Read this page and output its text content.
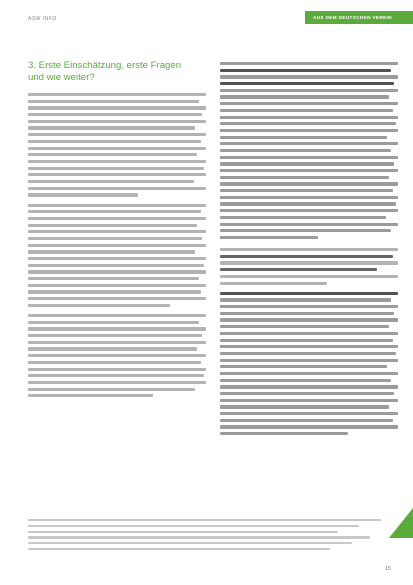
ASW INFO	AUS DEM DEUTSCHEN VEREIN
3. Erste Einschätzung, erste Fragen und wie weiter?
15
